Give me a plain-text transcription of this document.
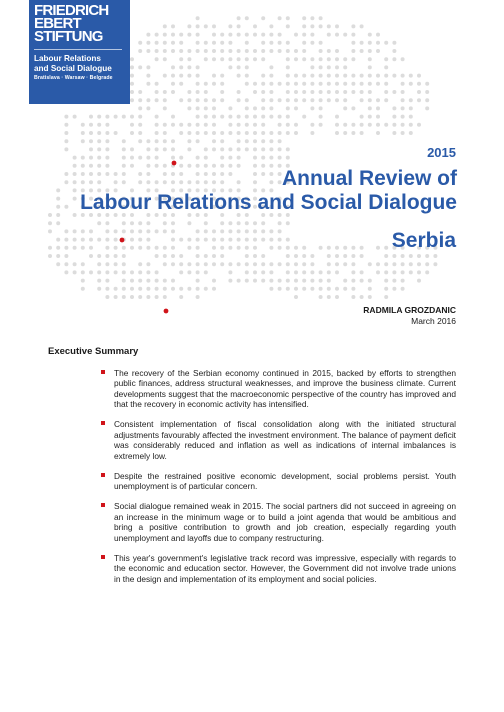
FRIEDRICH
EBERT
STIFTUNG
Labour Relations
and Social Dialogue
Bratislava · Warsaw · Belgrade
2015
Annual Review of
Labour Relations and Social Dialogue
Serbia
RADMILA GROZDANIC
March 2016
Executive Summary
The recovery of the Serbian economy continued in 2015, backed by efforts to strengthen public finances, address structural weaknesses, and improve the business climate. Current developments suggest that the macroeconomic perspective of the country has improved and that the recovery in economic activity has intensified.
Consistent implementation of fiscal consolidation along with the initiated structural adjustments favourably affected the investment environment. The balance of payment deficit was considerably reduced and inflation as well as indications of internal imbalances is extremely low.
Despite the restrained positive economic development, social problems persist. Youth unemployment is of particular concern.
Social dialogue remained weak in 2015. The social partners did not succeed in agreeing on an increase in the minimum wage or to build a joint agenda that would be ambitious and bring a positive contribution to growth and job creation, especially regarding youth unemployment and layoffs due to company restructuring.
This year's government's legislative track record was impressive, especially with regards to the economic and education sector. However, the Government did not involve trade unions in the design and implementation of its employment and social policies.
